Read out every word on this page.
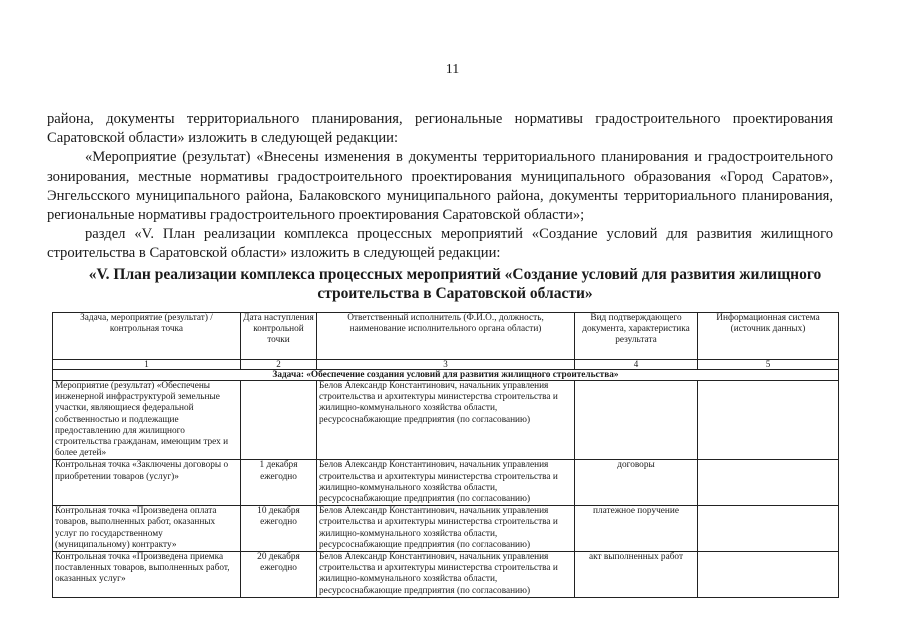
11

района, документы территориального планирования, региональные нормативы градостроительного проектирования Саратовской области» изложить в следующей редакции:

«Мероприятие (результат) «Внесены изменения в документы территориального планирования и градостроительного зонирования, местные нормативы градостроительного проектирования муниципального образования «Город Саратов», Энгельсского муниципального района, Балаковского муниципального района, документы территориального планирования, региональные нормативы градостроительного проектирования Саратовской области»;

раздел «V. План реализации комплекса процессных мероприятий «Создание условий для развития жилищного строительства в Саратовской области» изложить в следующей редакции:

«V. План реализации комплекса процессных мероприятий «Создание условий для развития жилищного
строительства в Саратовской области»
Задача, мероприятие (результат) / контрольная точка	Дата наступления контрольной точки	Ответственный исполнитель (Ф.И.О., должность, наименование исполнительного органа области)	Вид подтверждающего документа, характеристика результата	Информационная система (источник данных)
1	2	3	4	5
Задача: «Обеспечение создания условий для развития жилищного строительства»				
Мероприятие (результат) «Обеспечены инженерной инфраструктурой земельные участки, являющиеся федеральной собственностью и подлежащие предоставлению для жилищного строительства гражданам, имеющим трех и более детей»		Белов Александр Константинович, начальник управления строительства и архитектуры министерства строительства и жилищно-коммунального хозяйства области, ресурсоснабжающие предприятия (по согласованию)		
Контрольная точка «Заключены договоры о приобретении товаров (услуг)»	1 декабря ежегодно	Белов Александр Константинович, начальник управления строительства и архитектуры министерства строительства и жилищно-коммунального хозяйства области, ресурсоснабжающие предприятия (по согласованию)	договоры	
Контрольная точка «Произведена оплата товаров, выполненных работ, оказанных услуг по государственному (муниципальному) контракту»	10 декабря ежегодно	Белов Александр Константинович, начальник управления строительства и архитектуры министерства строительства и жилищно-коммунального хозяйства области, ресурсоснабжающие предприятия (по согласованию)	платежное поручение	
Контрольная точка «Произведена приемка поставленных товаров, выполненных работ, оказанных услуг»	20 декабря ежегодно	Белов Александр Константинович, начальник управления строительства и архитектуры министерства строительства и жилищно-коммунального хозяйства области, ресурсоснабжающие предприятия (по согласованию)	акт выполненных работ	
